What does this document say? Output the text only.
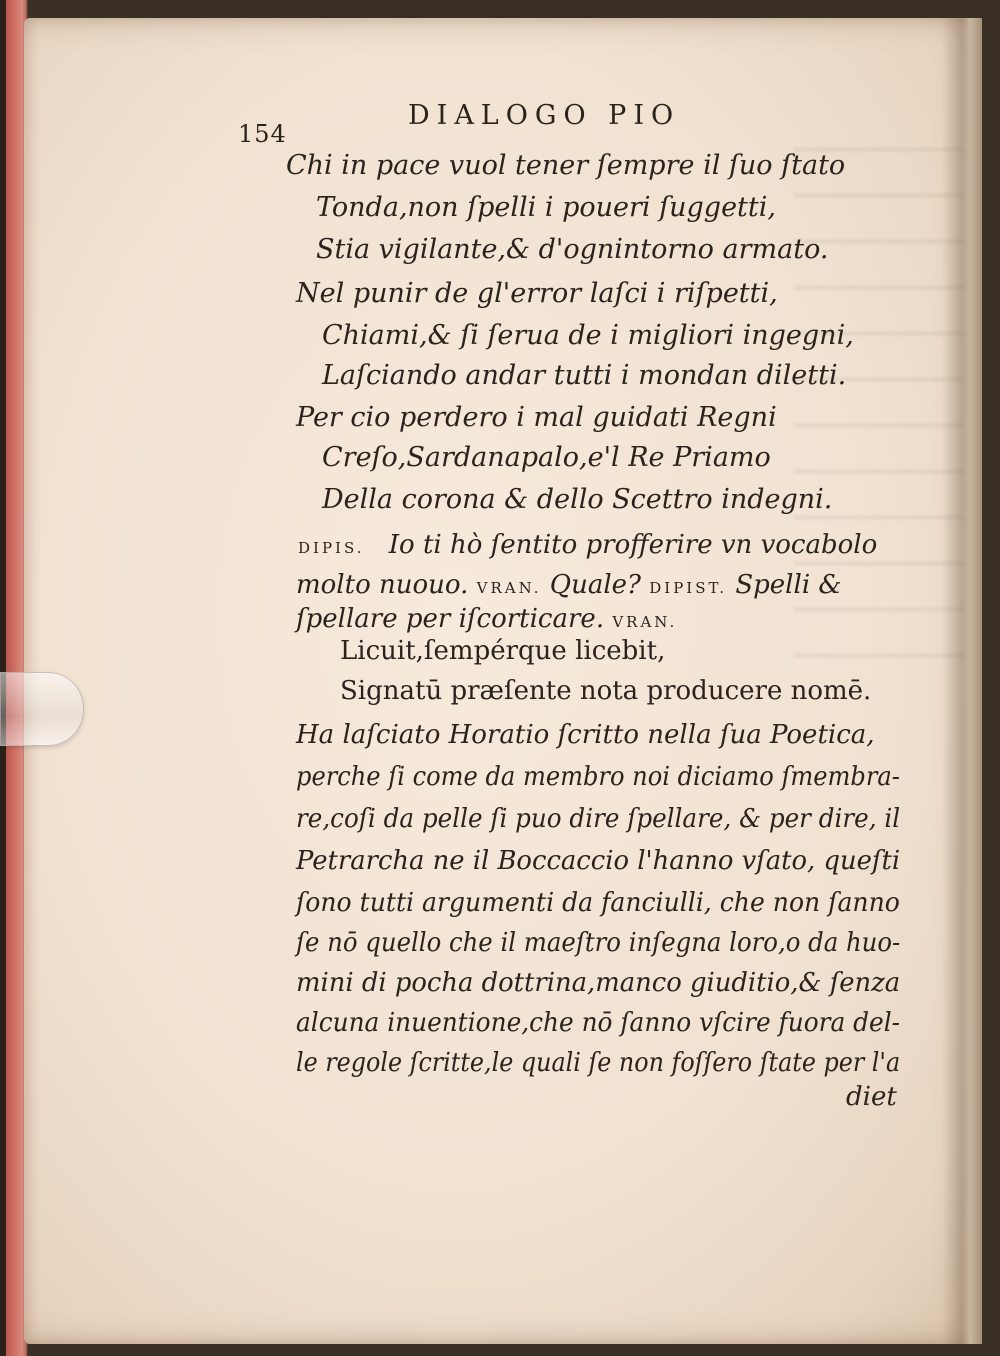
154
DIALOGO PIO
Chi in pace vuol tener ſempre il ſuo ſtato
Tonda,non ſpelli i poueri ſuggetti,
Stia vigilante,& d'ognintorno armato.
Nel punir de gl'error laſci i riſpetti,
Chiami,& ſi ſerua de i migliori ingegni,
Laſciando andar tutti i mondan diletti.
Per cio perdero i mal guidati Regni
Creſo,Sardanapalo,e'l Re Priamo
Della corona & dello Scettro indegni.
DIPIS. Io ti hò ſentito profferire vn vocabolo
molto nuouo. VRAN. Quale? DIPIST. Spelli &
ſpellare per iſcorticare. VRAN.
Licuit,ſempérque licebit,
Signatū præſente nota producere nomē.
Ha laſciato Horatio ſcritto nella ſua Poetica,
perche ſi come da membro noi diciamo ſmembra-
re,coſi da pelle ſi puo dire ſpellare, & per dire, il
Petrarcha ne il Boccaccio l'hanno vſato, queſti
ſono tutti argumenti da fanciulli, che non ſanno
ſe nō quello che il maeſtro inſegna loro,o da huo-
mini di pocha dottrina,manco giuditio,& ſenza
alcuna inuentione,che nō ſanno vſcire fuora del-
le regole ſcritte,le quali ſe non foſſero ſtate per l'a
diet
